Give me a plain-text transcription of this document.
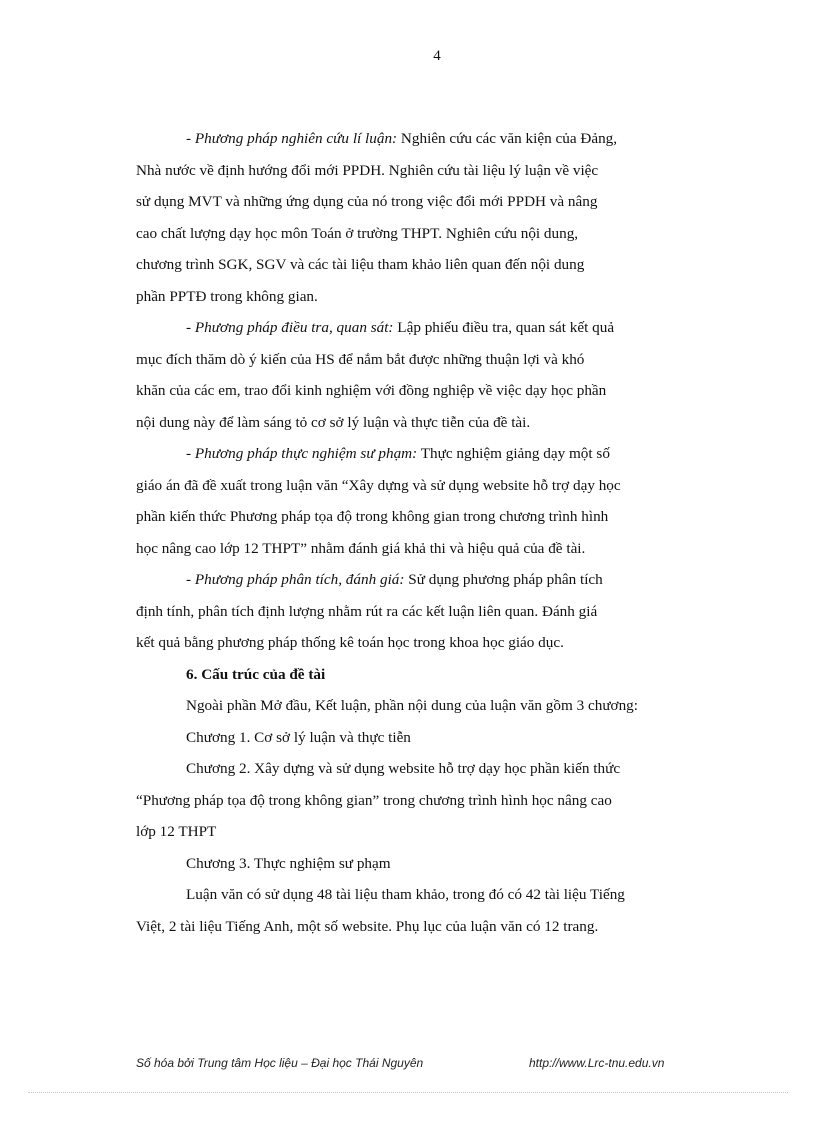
4
- Phương pháp nghiên cứu lí luận: Nghiên cứu các văn kiện của Đảng,
Nhà nước về định hướng đổi mới PPDH. Nghiên cứu tài liệu lý luận về việc
sử dụng MVT và những ứng dụng của nó trong việc đổi mới PPDH và nâng
cao chất lượng dạy học môn Toán ở trường THPT. Nghiên cứu nội dung,
chương trình SGK, SGV và các tài liệu tham khảo liên quan đến nội dung
phần PPTĐ trong không gian.
- Phương pháp điều tra, quan sát: Lập phiếu điều tra, quan sát kết quả
mục đích thăm dò ý kiến của HS để nắm bắt được những thuận lợi và khó
khăn của các em, trao đổi kinh nghiệm với đồng nghiệp về việc dạy học phần
nội dung này để làm sáng tỏ cơ sở lý luận và thực tiễn của đề tài.
- Phương pháp thực nghiệm sư phạm: Thực nghiệm giảng dạy một số
giáo án đã đề xuất trong luận văn “Xây dựng và sử dụng website hỗ trợ dạy học
phần kiến thức Phương pháp tọa độ trong không gian trong chương trình hình
học nâng cao lớp 12 THPT” nhằm đánh giá khả thi và hiệu quả của đề tài.
- Phương pháp phân tích, đánh giá: Sử dụng phương pháp phân tích
định tính, phân tích định lượng nhằm rút ra các kết luận liên quan. Đánh giá
kết quả bằng phương pháp thống kê toán học trong khoa học giáo dục.
6. Cấu trúc của đề tài
Ngoài phần Mở đầu, Kết luận, phần nội dung của luận văn gồm 3 chương:
Chương 1. Cơ sở lý luận và thực tiễn
Chương 2. Xây dựng và sử dụng website hỗ trợ dạy học phần kiến thức
“Phương pháp tọa độ trong không gian” trong chương trình hình học nâng cao
lớp 12 THPT
Chương 3. Thực nghiệm sư phạm
Luận văn có sử dụng 48 tài liệu tham khảo, trong đó có 42 tài liệu Tiếng
Việt, 2 tài liệu Tiếng Anh, một số website. Phụ lục của luận văn có 12 trang.
Số hóa bởi Trung tâm Học liệu – Đại học Thái Nguyên	http://www.Lrc-tnu.edu.vn
